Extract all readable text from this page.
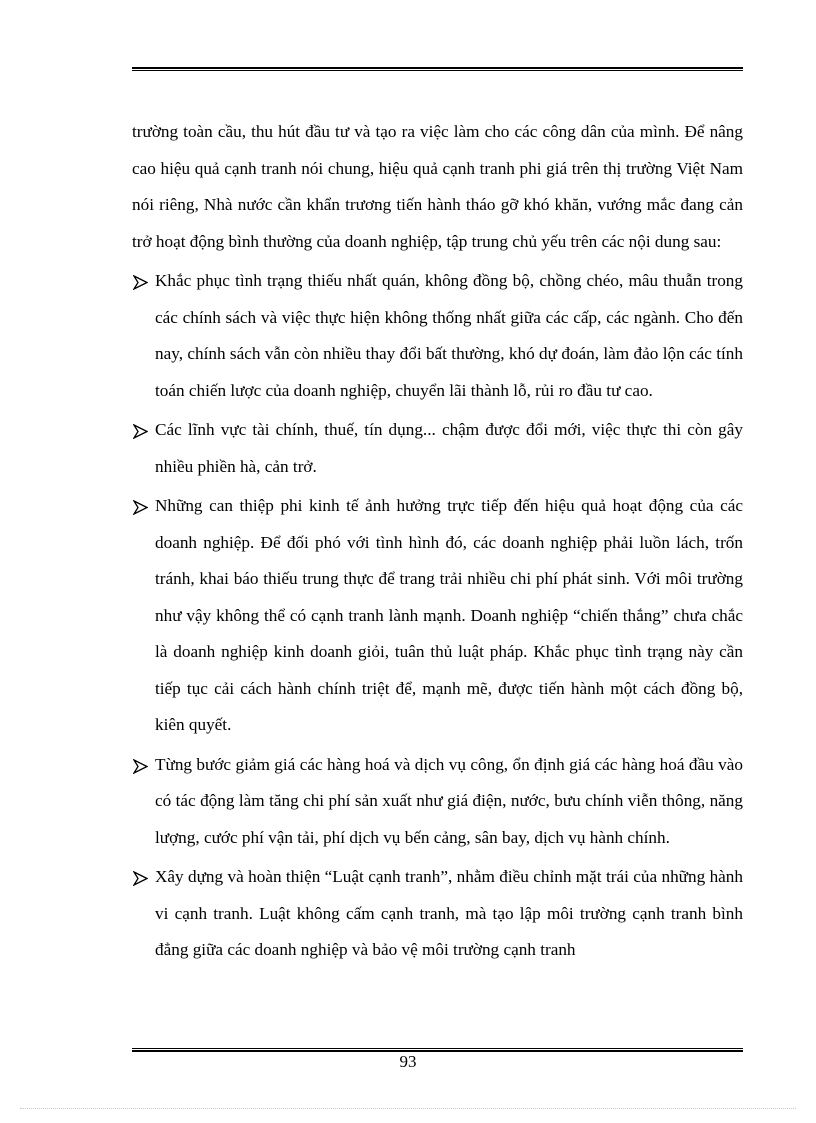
trường toàn cầu, thu hút đầu tư và tạo ra việc làm cho các công dân của mình. Để nâng cao hiệu quả cạnh tranh nói chung, hiệu quả cạnh tranh phi giá trên thị trường Việt Nam nói riêng, Nhà nước cần khẩn trương tiến hành tháo gỡ khó khăn, vướng mắc đang cản trở hoạt động bình thường của doanh nghiệp, tập trung chủ yếu trên các nội dung sau:

Khắc phục tình trạng thiếu nhất quán, không đồng bộ, chồng chéo, mâu thuẫn trong các chính sách và việc thực hiện không thống nhất giữa các cấp, các ngành. Cho đến nay, chính sách vẫn còn nhiều thay đổi bất thường, khó dự đoán, làm đảo lộn các tính toán chiến lược của doanh nghiệp, chuyển lãi thành lỗ, rủi ro đầu tư cao.
Các lĩnh vực tài chính, thuế, tín dụng... chậm được đổi mới, việc thực thi còn gây nhiều phiền hà, cản trở.
Những can thiệp phi kinh tế ảnh hưởng trực tiếp đến hiệu quả hoạt động của các doanh nghiệp. Để đối phó với tình hình đó, các doanh nghiệp phải luồn lách, trốn tránh, khai báo thiếu trung thực để trang trải nhiều chi phí phát sinh. Với môi trường như vậy không thể có cạnh tranh lành mạnh. Doanh nghiệp “chiến thắng” chưa chắc là doanh nghiệp kinh doanh giỏi, tuân thủ luật pháp. Khắc phục tình trạng này cần tiếp tục cải cách hành chính triệt để, mạnh mẽ, được tiến hành một cách đồng bộ, kiên quyết.
Từng bước giảm giá các hàng hoá và dịch vụ công, ổn định giá các hàng hoá đầu vào có tác động làm tăng chi phí sản xuất như giá điện, nước, bưu chính viễn thông, năng lượng, cước phí vận tải, phí dịch vụ bến cảng, sân bay, dịch vụ hành chính.
Xây dựng và hoàn thiện “Luật cạnh tranh”, nhằm điều chỉnh mặt trái của những hành vi cạnh tranh. Luật không cấm cạnh tranh, mà tạo lập môi trường cạnh tranh bình đẳng giữa các doanh nghiệp và bảo vệ môi trường cạnh tranh
93
